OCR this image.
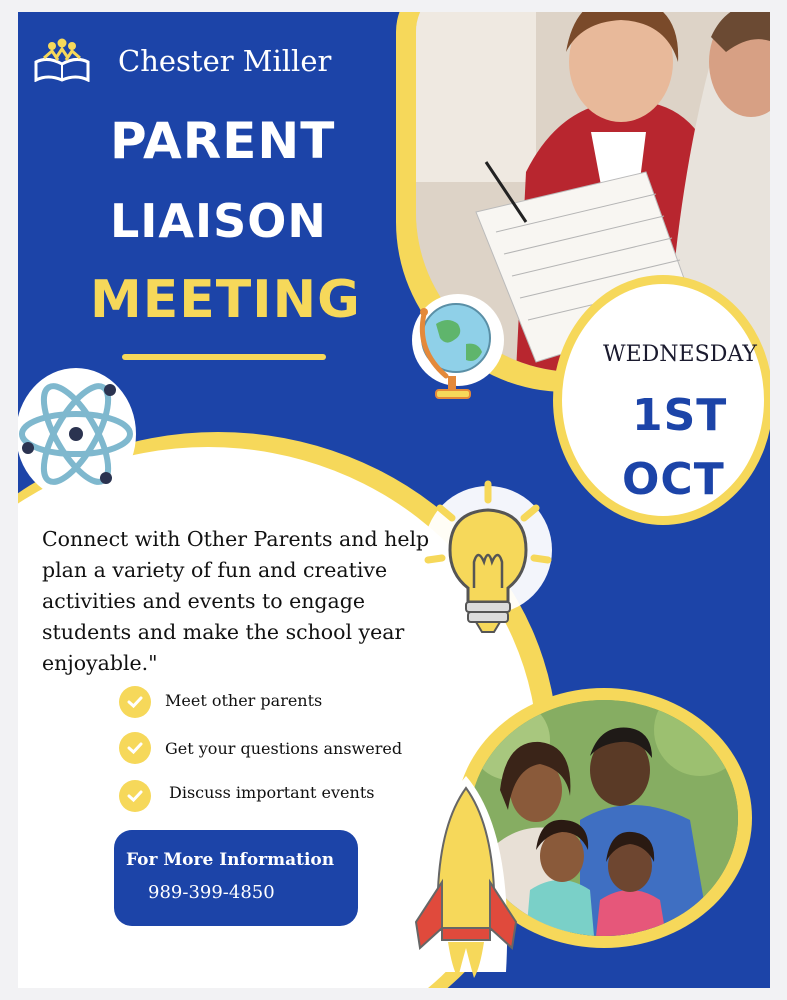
Chester Miller
PARENT
LIAISON
MEETING
WEDNESDAY
1ST
OCT
Connect with Other Parents and help plan a variety of fun and creative activities and events to engage students and make the school year enjoyable."
Meet other parents
Get your questions answered
Discuss important events
For More Information
989-399-4850
